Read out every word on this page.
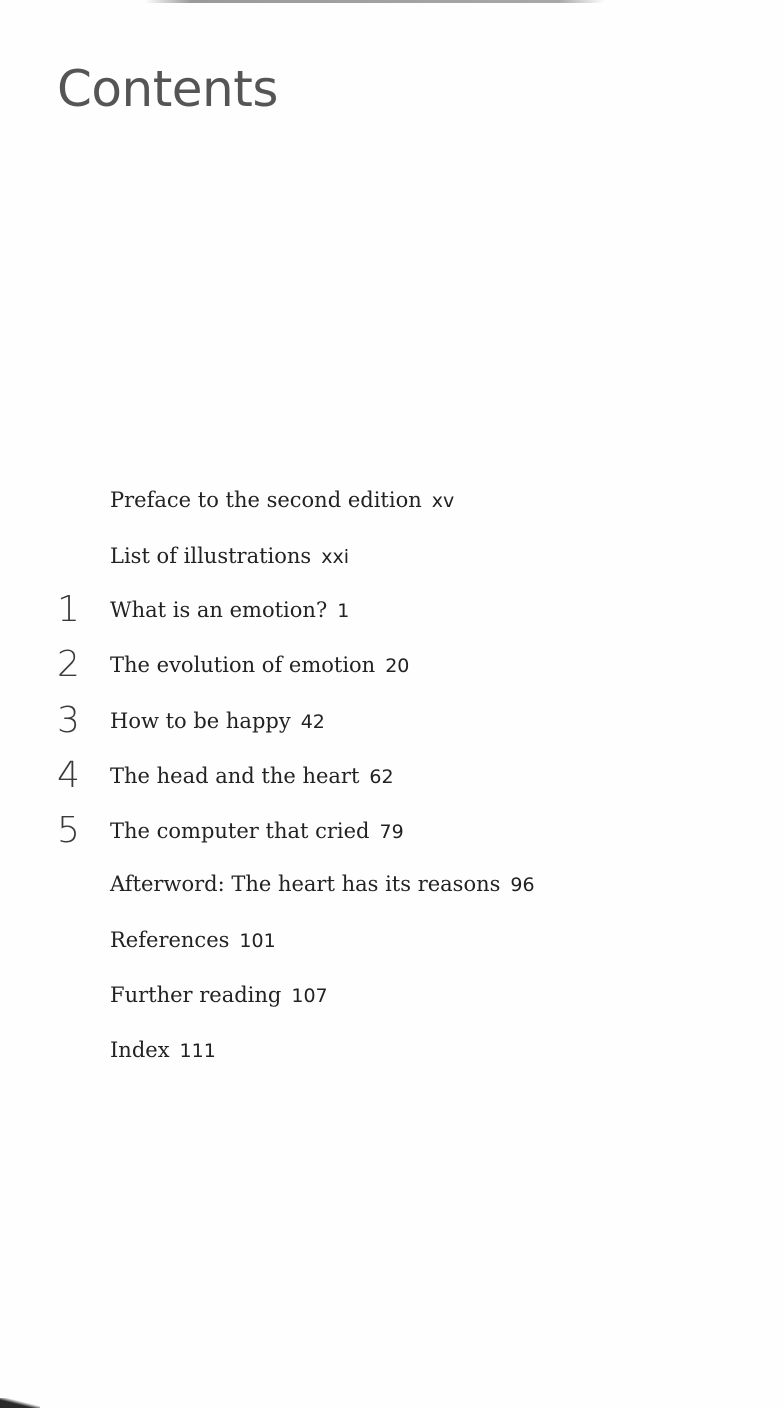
Contents
Preface to the second edition xv
List of illustrations xxi
1	What is an emotion? 1
2	The evolution of emotion 20
3	How to be happy 42
4	The head and the heart 62
5	The computer that cried 79
Afterword: The heart has its reasons 96
References 101
Further reading 107
Index 111
